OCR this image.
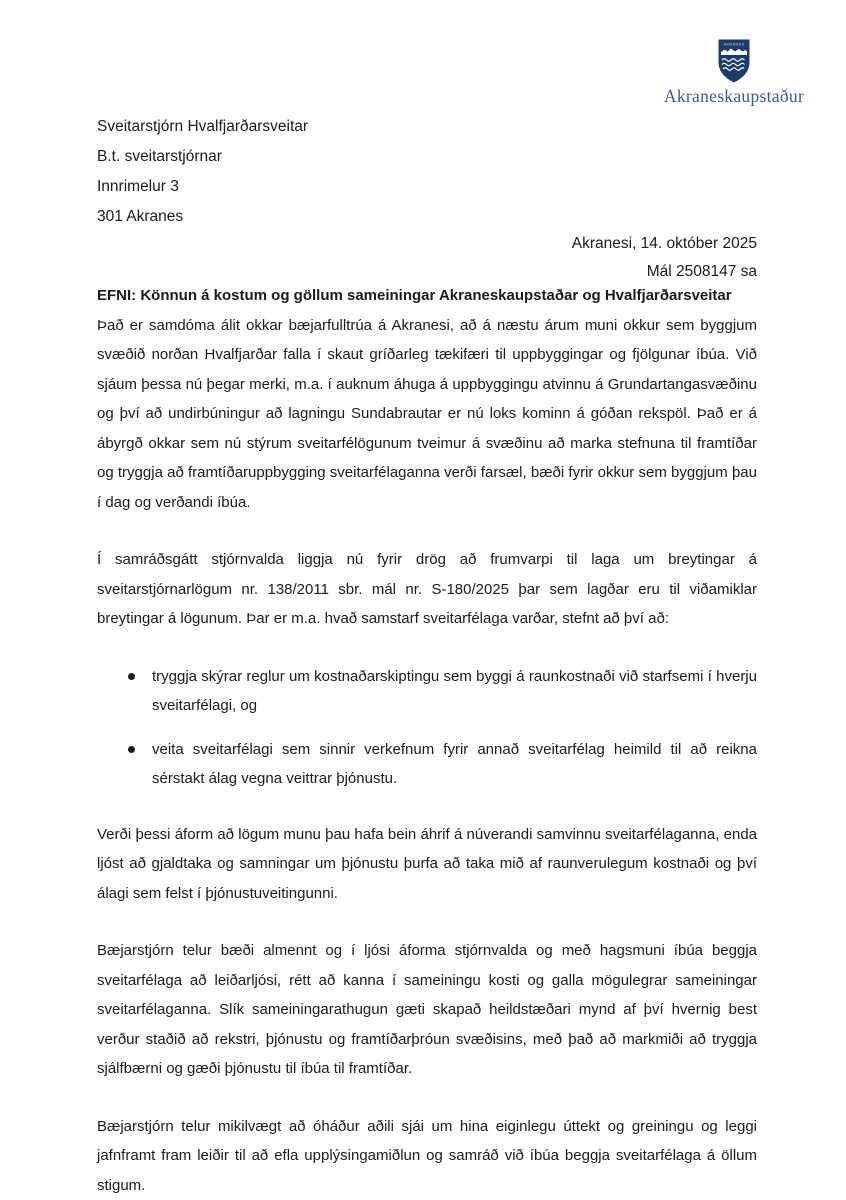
AKRANES
Akraneskaupstaður
Sveitarstjórn Hvalfjarðarsveitar
B.t. sveitarstjórnar
Innrimelur 3
301 Akranes
Akranesi, 14. október 2025
Mál 2508147 sa
EFNI: Könnun á kostum og göllum sameiningar Akraneskaupstaðar og Hvalfjarðarsveitar

Það er samdóma álit okkar bæjarfulltrúa á Akranesi, að á næstu árum muni okkur sem byggjum svæðið norðan Hvalfjarðar falla í skaut gríðarleg tækifæri til uppbyggingar og fjölgunar íbúa. Við sjáum þessa nú þegar merki, m.a. í auknum áhuga á uppbyggingu atvinnu á Grundartangasvæðinu og því að undirbúningur að lagningu Sundabrautar er nú loks kominn á góðan rekspöl. Það er á ábyrgð okkar sem nú stýrum sveitarfélögunum tveimur á svæðinu að marka stefnuna til framtíðar og tryggja að framtíðaruppbygging sveitarfélaganna verði farsæl, bæði fyrir okkur sem byggjum þau í dag og verðandi íbúa.

Í samráðsgátt stjórnvalda liggja nú fyrir drög að frumvarpi til laga um breytingar á sveitarstjórnarlögum nr. 138/2011 sbr. mál nr. S-180/2025 þar sem lagðar eru til viðamiklar breytingar á lögunum. Þar er m.a. hvað samstarf sveitarfélaga varðar, stefnt að því að:

tryggja skýrar reglur um kostnaðarskiptingu sem byggi á raunkostnaði við starfsemi í hverju sveitarfélagi, og
veita sveitarfélagi sem sinnir verkefnum fyrir annað sveitarfélag heimild til að reikna sérstakt álag vegna veittrar þjónustu.

Verði þessi áform að lögum munu þau hafa bein áhrif á núverandi samvinnu sveitarfélaganna, enda ljóst að gjaldtaka og samningar um þjónustu þurfa að taka mið af raunverulegum kostnaði og því álagi sem felst í þjónustuveitingunni.

Bæjarstjórn telur bæði almennt og í ljósi áforma stjórnvalda og með hagsmuni íbúa beggja sveitarfélaga að leiðarljósi, rétt að kanna í sameiningu kosti og galla mögulegrar sameiningar sveitarfélaganna. Slík sameiningarathugun gæti skapað heildstæðari mynd af því hvernig best verður staðið að rekstri, þjónustu og framtíðarþróun svæðisins, með það að markmiði að tryggja sjálfbærni og gæði þjónustu til íbúa til framtíðar.

Bæjarstjórn telur mikilvægt að óháður aðili sjái um hina eiginlegu úttekt og greiningu og leggi jafnframt fram leiðir til að efla upplýsingamiðlun og samráð við íbúa beggja sveitarfélaga á öllum stigum.
